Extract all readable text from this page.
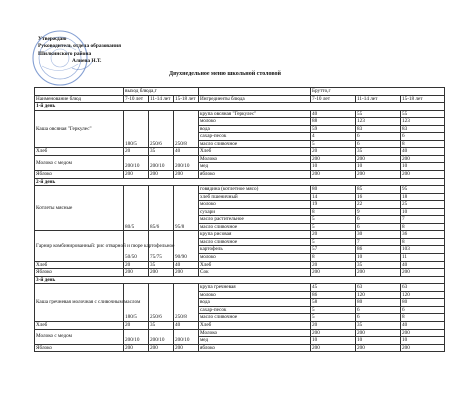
Утверждаю
Руководитель отдела образования
Шилкинского района
Алиева Н.Т.
Двухнедельное меню школьной столовой
	выход блюда,г				Брутто,г		
Наименование блюд	7-10 лет	11-14 лет	15-18 лет	Ингредиенты блюда	7-10 лет	11-14 лет	15-18 лет
1-й день							
Каша овсяная "Геркулес"	180/5	250/6	250/8	крупа овсяная "Геркулес"	40	55	55
				молоко	88	123	123
				вода	59	83	83
				сахар-песок	4	6	6
				масло сливочное	5	6	8
Хлеб	20	35	40	Хлеб	20	35	40
Молоко с медом	200/10	200/10	200/10	Молоко	200	200	200
				мед	10	10	10
Яблоко	200	200	200	яблоко	200	200	200
2-й день							
Котлеты мясные	80/5	85/6	95/8	говядина (котлетное мясо)	80	85	95
				хлеб пшеничный	14	16	18
				молоко	19	22	25
				сухари	8	9	10
				масло растительное	5	6	7
				масло сливочное	5	6	8
Гарнир комбинированный: рис отварной и пюре картофельное	50/50	75/75	90/90	крупа рисовая	20	30	36
				масло сливочное	5	7	8
				картофель	57	86	103
				молоко	8	10	11
Хлеб	20	35	40	Хлеб	20	35	40
Яблоко	200	200	200	Сок	200	200	200
3-й день							
Каша гречневая молочная с сливочным маслом	180/5	250/6	250/8	крупа гречневая	45	63	63
				молоко	86	120	120
				вода	58	80	80
				сахар-песок	5	6	6
				масло сливочное	5	6	8
Хлеб	20	35	40	Хлеб	20	35	40
Молоко с медом	200/10	200/10	200/10	Молоко	200	200	200
				мед	10	10	10
Яблоко	200	200	200	яблоко	200	200	200
